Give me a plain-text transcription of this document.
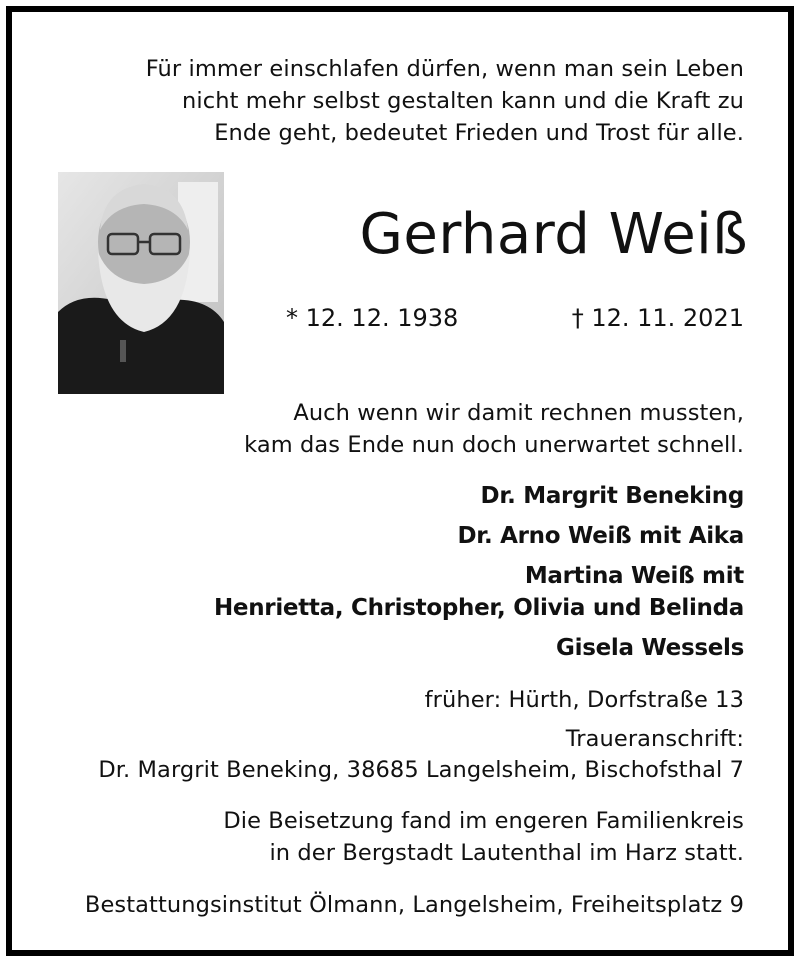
Für immer einschlafen dürfen, wenn man sein Leben
nicht mehr selbst gestalten kann und die Kraft zu
Ende geht, bedeutet Frieden und Trost für alle.
Gerhard Weiß
* 12. 12. 1938	† 12. 11. 2021
Auch wenn wir damit rechnen mussten,
kam das Ende nun doch unerwartet schnell.
Dr. Margrit Beneking
Dr. Arno Weiß mit Aika
Martina Weiß mit
Henrietta, Christopher, Olivia und Belinda
Gisela Wessels
früher: Hürth, Dorfstraße 13
Traueranschrift:
Dr. Margrit Beneking, 38685 Langelsheim, Bischofsthal 7
Die Beisetzung fand im engeren Familienkreis
in der Bergstadt Lautenthal im Harz statt.
Bestattungsinstitut Ölmann, Langelsheim, Freiheitsplatz 9
